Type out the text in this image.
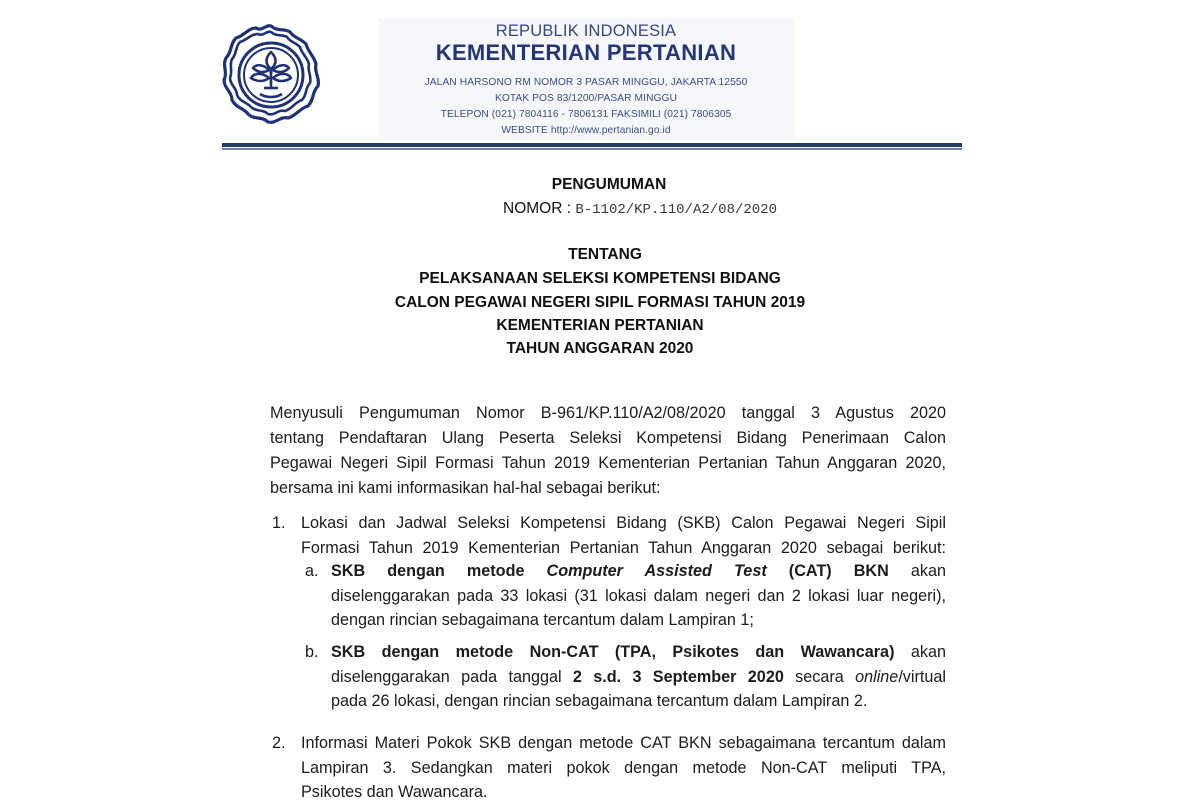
REPUBLIK INDONESIA
KEMENTERIAN PERTANIAN
JALAN HARSONO RM NOMOR 3 PASAR MINGGU, JAKARTA 12550
KOTAK POS 83/1200/PASAR MINGGU
TELEPON (021) 7804116 - 7806131 FAKSIMILI (021) 7806305
WEBSITE http://www.pertanian.go.id
PENGUMUMAN
NOMOR : B-1102/KP.110/A2/08/2020
TENTANG
PELAKSANAAN SELEKSI KOMPETENSI BIDANG
CALON PEGAWAI NEGERI SIPIL FORMASI TAHUN 2019
KEMENTERIAN PERTANIAN
TAHUN ANGGARAN 2020
Menyusuli Pengumuman Nomor B-961/KP.110/A2/08/2020 tanggal 3 Agustus 2020
tentang Pendaftaran Ulang Peserta Seleksi Kompetensi Bidang Penerimaan Calon
Pegawai Negeri Sipil Formasi Tahun 2019 Kementerian Pertanian Tahun Anggaran 2020,
bersama ini kami informasikan hal-hal sebagai berikut:
1. Lokasi dan Jadwal Seleksi Kompetensi Bidang (SKB) Calon Pegawai Negeri Sipil
Formasi Tahun 2019 Kementerian Pertanian Tahun Anggaran 2020 sebagai berikut:
a. SKB dengan metode Computer Assisted Test (CAT) BKN akan
diselenggarakan pada 33 lokasi (31 lokasi dalam negeri dan 2 lokasi luar negeri),
dengan rincian sebagaimana tercantum dalam Lampiran 1;
b. SKB dengan metode Non-CAT (TPA, Psikotes dan Wawancara) akan
diselenggarakan pada tanggal 2 s.d. 3 September 2020 secara online/virtual
pada 26 lokasi, dengan rincian sebagaimana tercantum dalam Lampiran 2.
2. Informasi Materi Pokok SKB dengan metode CAT BKN sebagaimana tercantum dalam
Lampiran 3. Sedangkan materi pokok dengan metode Non-CAT meliputi TPA,
Psikotes dan Wawancara.
